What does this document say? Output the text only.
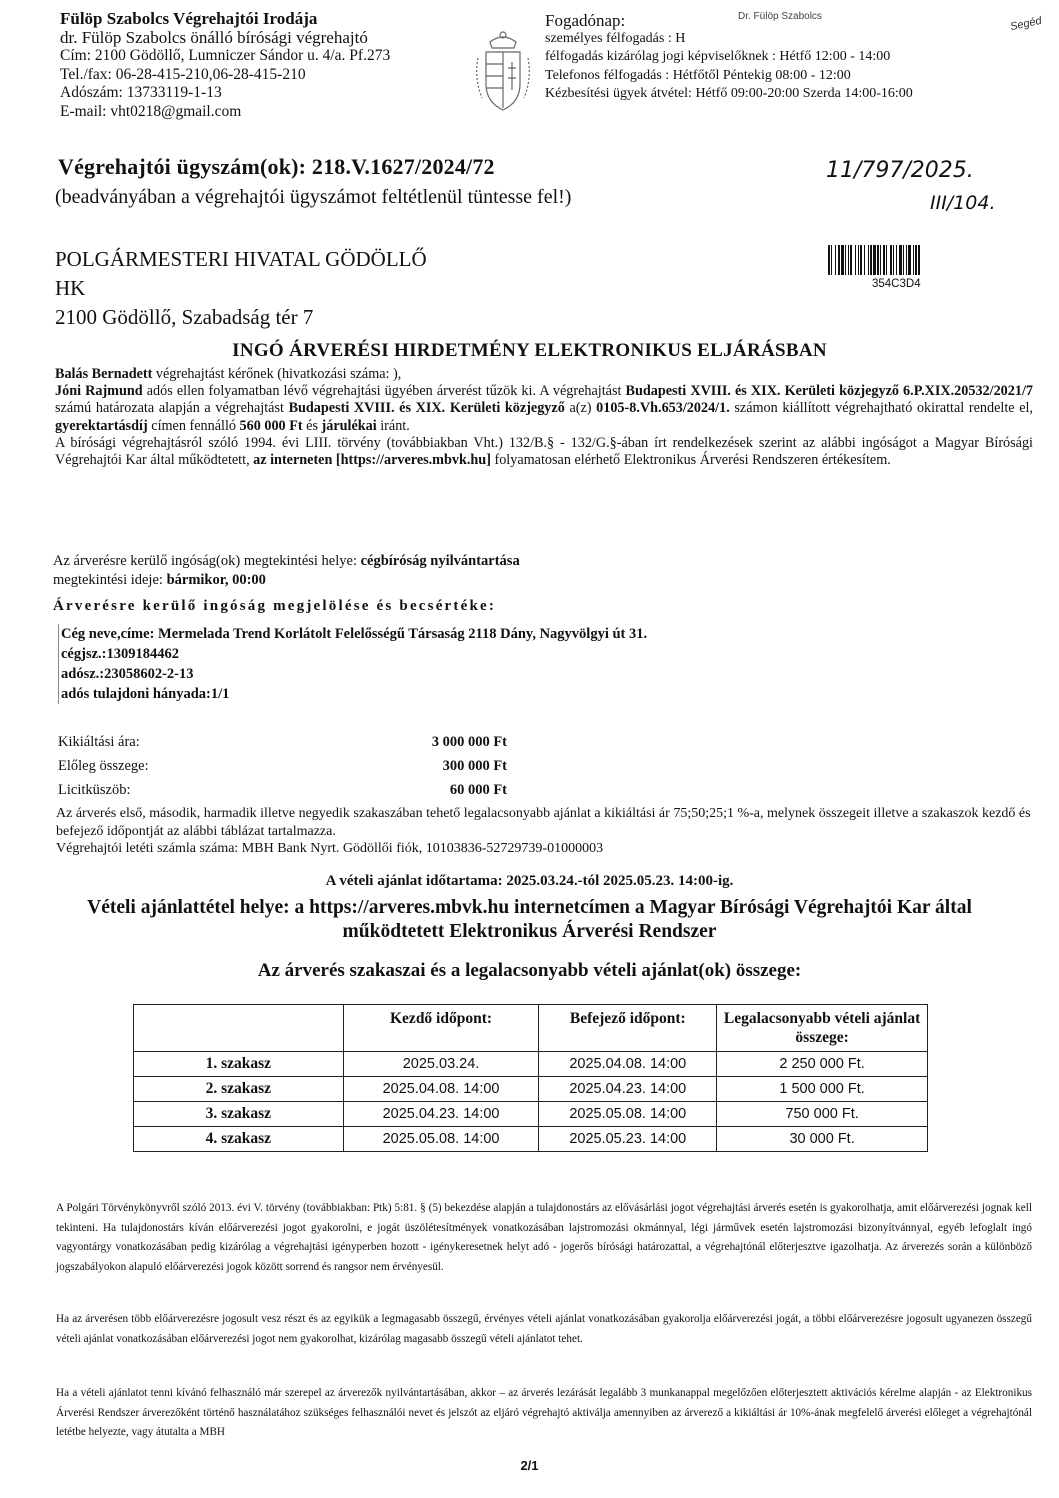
Fülöp Szabolcs Végrehajtói Irodája
dr. Fülöp Szabolcs önálló bírósági végrehajtó
Cím: 2100 Gödöllő, Lumniczer Sándor u. 4/a. Pf.273
Tel./fax: 06-28-415-210,06-28-415-210
Adószám: 13733119-1-13
E-mail: vht0218@gmail.com
Fogadónap:
személyes félfogadás : H
félfogadás kizárólag jogi képviselőknek : Hétfő 12:00 - 14:00
Telefonos félfogadás : Hétfőtől Péntekig 08:00 - 12:00
Kézbesítési ügyek átvétel: Hétfő 09:00-20:00 Szerda 14:00-16:00
Dr. Fülöp Szabolcs	Segéd
Végrehajtói ügyszám(ok): 218.V.1627/2024/72
(beadványában a végrehajtói ügyszámot feltétlenül tüntesse fel!)
11/797/2025.
III/104.
POLGÁRMESTERI HIVATAL GÖDÖLLŐ
HK
2100 Gödöllő, Szabadság tér 7
354C3D4
INGÓ ÁRVERÉSI HIRDETMÉNY ELEKTRONIKUS ELJÁRÁSBAN
Balás Bernadett végrehajtást kérőnek (hivatkozási száma: ),
Jóni Rajmund adós ellen folyamatban lévő végrehajtási ügyében árverést tűzök ki. A végrehajtást Budapesti XVIII. és XIX. Kerületi közjegyző 6.P.XIX.20532/2021/7 számú határozata alapján a végrehajtást Budapesti XVIII. és XIX. Kerületi közjegyző a(z) 0105-8.Vh.653/2024/1. számon kiállított végrehajtható okirattal rendelte el, gyerektartásdíj címen fennálló 560 000 Ft és járulékai iránt.
A bírósági végrehajtásról szóló 1994. évi LIII. törvény (továbbiakban Vht.) 132/B.§ - 132/G.§-ában írt rendelkezések szerint az alábbi ingóságot a Magyar Bírósági Végrehajtói Kar által működtetett, az interneten [https://arveres.mbvk.hu] folyamatosan elérhető Elektronikus Árverési Rendszeren értékesítem.
Az árverésre kerülő ingóság(ok) megtekintési helye: cégbíróság nyilvántartása
megtekintési ideje: bármikor, 00:00
Árverésre kerülő ingóság megjelölése és becsértéke:
Cég neve,címe: Mermelada Trend Korlátolt Felelősségű Társaság 2118 Dány, Nagyvölgyi út 31.
cégjsz.:1309184462
adósz.:23058602-2-13
adós tulajdoni hányada:1/1
Kikiáltási ára:	3 000 000 Ft
Előleg összege:	300 000 Ft
Licitküszöb:	60 000 Ft
Az árverés első, második, harmadik illetve negyedik szakaszában tehető legalacsonyabb ajánlat a kikiáltási ár 75;50;25;1 %-a, melynek összegeit illetve a szakaszok kezdő és befejező időpontját az alábbi táblázat tartalmazza.
Végrehajtói letéti számla száma: MBH Bank Nyrt. Gödöllői fiók, 10103836-52729739-01000003
A vételi ajánlat időtartama: 2025.03.24.-tól 2025.05.23. 14:00-ig.
Vételi ajánlattétel helye: a https://arveres.mbvk.hu internetcímen a Magyar Bírósági Végrehajtói Kar által
működtetett Elektronikus Árverési Rendszer
Az árverés szakaszai és a legalacsonyabb vételi ajánlat(ok) összege:
	Kezdő időpont:	Befejező időpont:	Legalacsonyabb vételi ajánlat összege:
1. szakasz	2025.03.24.	2025.04.08. 14:00	2 250 000 Ft.
2. szakasz	2025.04.08. 14:00	2025.04.23. 14:00	1 500 000 Ft.
3. szakasz	2025.04.23. 14:00	2025.05.08. 14:00	750 000 Ft.
4. szakasz	2025.05.08. 14:00	2025.05.23. 14:00	30 000 Ft.
A Polgári Törvénykönyvről szóló 2013. évi V. törvény (továbbiakban: Ptk) 5:81. § (5) bekezdése alapján a tulajdonostárs az elővásárlási jogot végrehajtási árverés esetén is gyakorolhatja, amit előárverezési jognak kell tekinteni. Ha tulajdonostárs kíván előárverezési jogot gyakorolni, e jogát üszölétesítmények vonatkozásában lajstromozási okmánnyal, légi járművek esetén lajstromozási bizonyítvánnyal, egyéb lefoglalt ingó vagyontárgy vonatkozásában pedig kizárólag a végrehajtási igényperben hozott - igénykeresetnek helyt adó - jogerős bírósági határozattal, a végrehajtónál előterjesztve igazolhatja. Az árverezés során a különböző jogszabályokon alapuló előárverezési jogok között sorrend és rangsor nem érvényesül.
Ha az árverésen több előárverezésre jogosult vesz részt és az egyikük a legmagasabb összegű, érvényes vételi ajánlat vonatkozásában gyakorolja előárverezési jogát, a többi előárverezésre jogosult ugyanezen összegű vételi ajánlat vonatkozásában előárverezési jogot nem gyakorolhat, kizárólag magasabb összegű vételi ajánlatot tehet.
Ha a vételi ajánlatot tenni kívánó felhasználó már szerepel az árverezők nyilvántartásában, akkor – az árverés lezárását legalább 3 munkanappal megelőzően előterjesztett aktivációs kérelme alapján - az Elektronikus Árverési Rendszer árverezőként történő használatához szükséges felhasználói nevet és jelszót az eljáró végrehajtó aktiválja amennyiben az árverező a kikiáltási ár 10%-ának megfelelő árverési előleget a végrehajtónál letétbe helyezte, vagy átutalta a MBH
2/1
